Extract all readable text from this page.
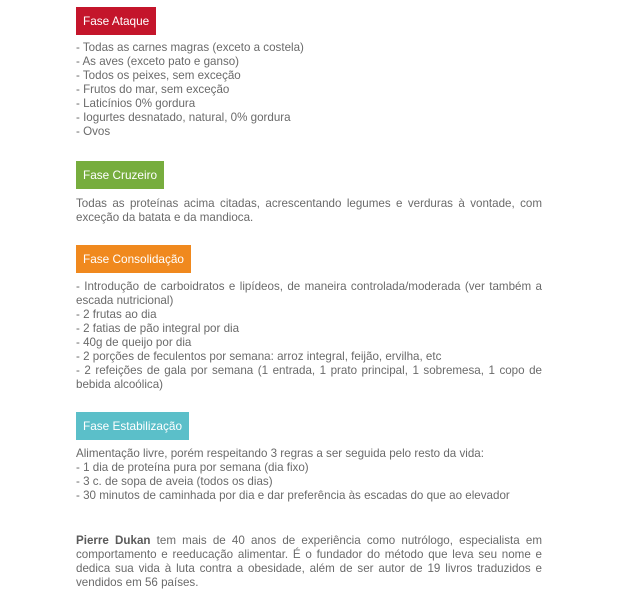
Fase Ataque
- Todas as carnes magras (exceto a costela)
- As aves (exceto pato e ganso)
- Todos os peixes, sem exceção
- Frutos do mar, sem exceção
- Laticínios 0% gordura
- Iogurtes desnatado, natural, 0% gordura
- Ovos
Fase Cruzeiro

Todas as proteínas acima citadas, acrescentando legumes e verduras à vontade, com exceção da batata e da mandioca.

Fase Consolidação
- Introdução de carboidratos e lipídeos, de maneira controlada/moderada (ver também a escada nutricional)
- 2 frutas ao dia
- 2 fatias de pão integral por dia
- 40g de queijo por dia
- 2 porções de feculentos por semana: arroz integral, feijão, ervilha, etc
- 2 refeições de gala por semana (1 entrada, 1 prato principal, 1 sobremesa, 1 copo de bebida alcoólica)
Fase Estabilização

Alimentação livre, porém respeitando 3 regras a ser seguida pelo resto da vida:

- 1 dia de proteína pura por semana (dia fixo)
- 3 c. de sopa de aveia (todos os dias)
- 30 minutos de caminhada por dia e dar preferência às escadas do que ao elevador

Pierre Dukan tem mais de 40 anos de experiência como nutrólogo, especialista em comportamento e reeducação alimentar. É o fundador do método que leva seu nome e dedica sua vida à luta contra a obesidade, além de ser autor de 19 livros traduzidos e vendidos em 56 países.
